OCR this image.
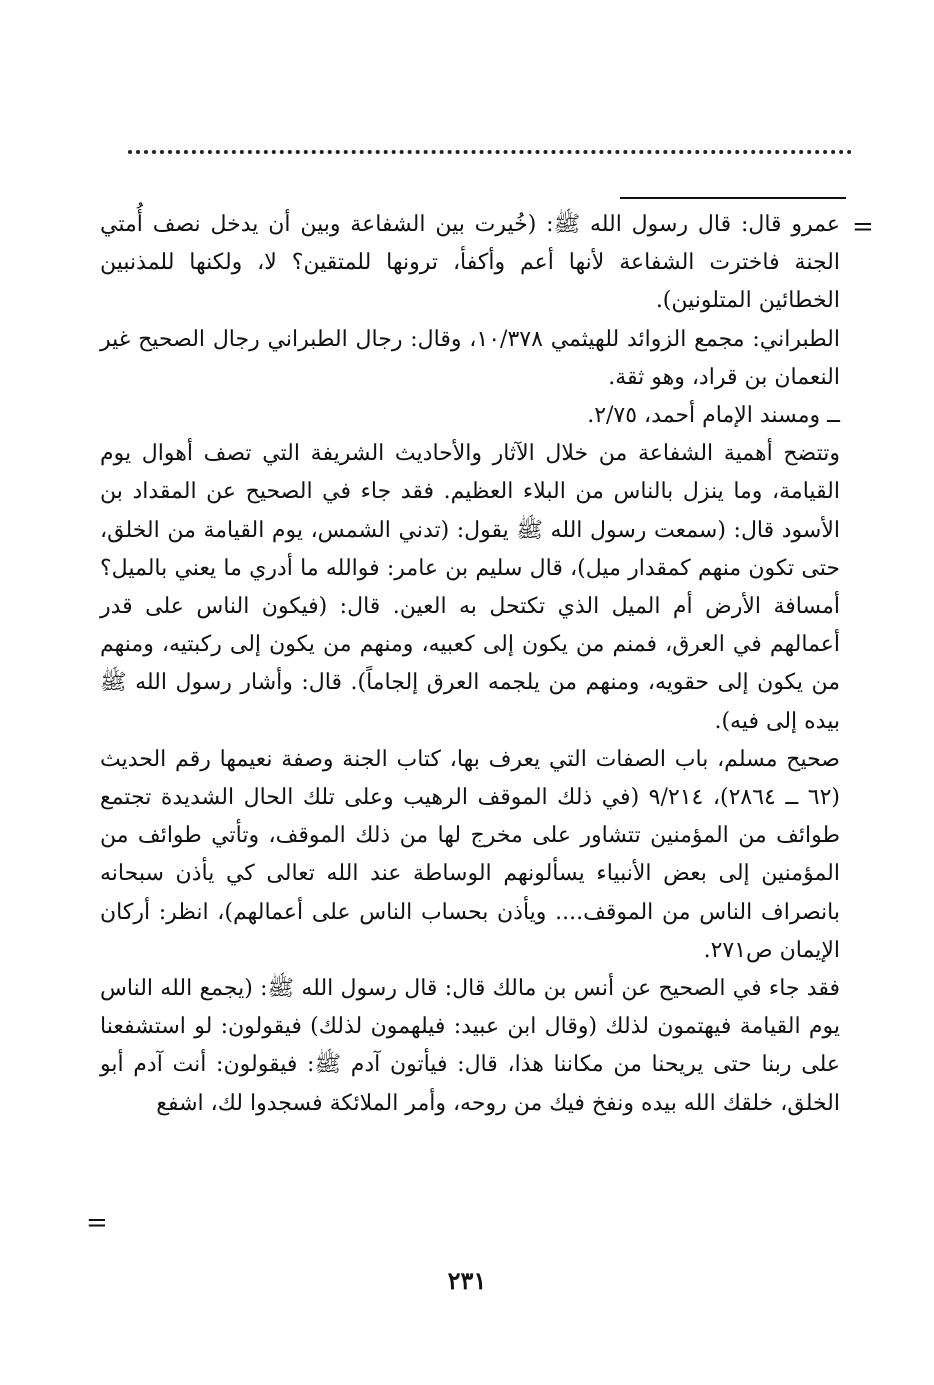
=

عمرو قال: قال رسول الله ﷺ: (خُيرت بين الشفاعة وبين أن يدخل نصف أُمتي الجنة فاخترت الشفاعة لأنها أعم وأكفأ، ترونها للمتقين؟ لا، ولكنها للمذنبين الخطائين المتلونين).

الطبراني: مجمع الزوائد للهيثمي ١٠/٣٧٨، وقال: رجال الطبراني رجال الصحيح غير النعمان بن قراد، وهو ثقة.

ــ ومسند الإمام أحمد، ٢/٧٥.

وتتضح أهمية الشفاعة من خلال الآثار والأحاديث الشريفة التي تصف أهوال يوم القيامة، وما ينزل بالناس من البلاء العظيم. فقد جاء في الصحيح عن المقداد بن الأسود قال: (سمعت رسول الله ﷺ يقول: (تدني الشمس، يوم القيامة من الخلق، حتى تكون منهم كمقدار ميل)، قال سليم بن عامر: فوالله ما أدري ما يعني بالميل؟ أمسافة الأرض أم الميل الذي تكتحل به العين. قال: (فيكون الناس على قدر أعمالهم في العرق، فمنم من يكون إلى كعبيه، ومنهم من يكون إلى ركبتيه، ومنهم من يكون إلى حقويه، ومنهم من يلجمه العرق إلجاماً). قال: وأشار رسول الله ﷺ بيده إلى فيه).

صحيح مسلم، باب الصفات التي يعرف بها، كتاب الجنة وصفة نعيمها رقم الحديث (٦٢ ــ ٢٨٦٤)، ٩/٢١٤ (في ذلك الموقف الرهيب وعلى تلك الحال الشديدة تجتمع طوائف من المؤمنين تتشاور على مخرج لها من ذلك الموقف، وتأتي طوائف من المؤمنين إلى بعض الأنبياء يسألونهم الوساطة عند الله تعالى كي يأذن سبحانه بانصراف الناس من الموقف.... ويأذن بحساب الناس على أعمالهم)، انظر: أركان الإيمان ص٢٧١.

فقد جاء في الصحيح عن أنس بن مالك قال: قال رسول الله ﷺ: (يجمع الله الناس يوم القيامة فيهتمون لذلك (وقال ابن عبيد: فيلهمون لذلك) فيقولون: لو استشفعنا على ربنا حتى يريحنا من مكاننا هذا، قال: فيأتون آدم ﷺ: فيقولون: أنت آدم أبو الخلق، خلقك الله بيده ونفخ فيك من روحه، وأمر الملائكة فسجدوا لك، اشفع

=
٢٣١
